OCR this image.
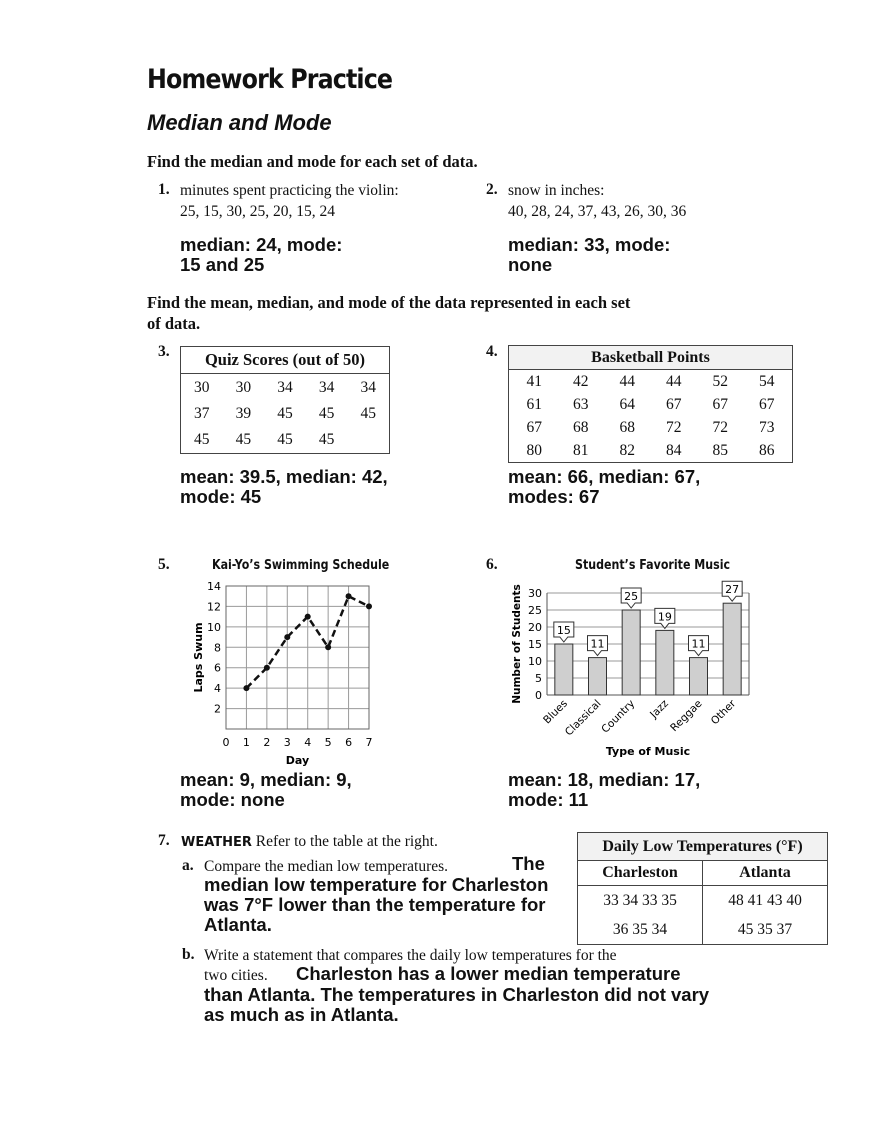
Homework Practice
Median and Mode
Find the median and mode for each set of data.
1. minutes spent practicing the violin:
25, 15, 30, 25, 20, 15, 24
median: 24, mode:
15 and 25
2. snow in inches:
40, 28, 24, 37, 43, 26, 30, 36
median: 33, mode:
none
Find the mean, median, and mode of the data represented in each set
of data.
3.	Quiz Scores (out of 50)
30	30	34	34	34
37	39	45	45	45
45	45	45	45
mean: 39.5, median: 42,
mode: 45
4.	Basketball Points
41	42	44	44	52	54
61	63	64	67	67	67
67	68	68	72	72	73
80	81	82	84	85	86
mean: 66, median: 67,
modes: 67
5.	Kai-Yo’s Swimming Schedule
0 1 2 3 4 5 6 7
2
4
6
8
10
12
14
Day
Laps Swum
mean: 9, median: 9,
mode: none
6.	Student’s Favorite Music
0
5
10
15
20
25
30
15
Blues
11
Classical
25
Country
19
Jazz
11
Reggae
27
Other
Type of Music
Number of Students
mean: 18, median: 17,
mode: 11
7. WEATHER Refer to the table at the right.
a. Compare the median low temperatures.	The
median low temperature for Charleston
was 7°F lower than the temperature for
Atlanta.
Daily Low Temperatures (°F)	
Charleston	Atlanta
33 34 33 35	48 41 43 40
36 35 34	45 35 37
b. Write a statement that compares the daily low temperatures for the
two cities. Charleston has a lower median temperature
than Atlanta. The temperatures in Charleston did not vary
as much as in Atlanta.
